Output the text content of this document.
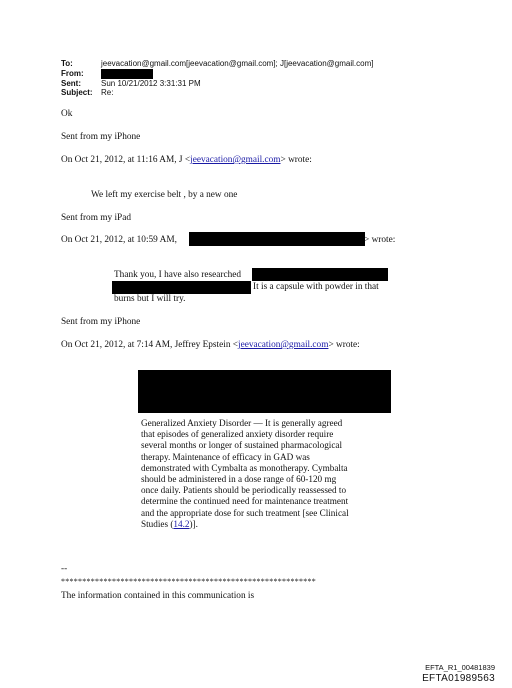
To:	jeevacation@gmail.com[jeevacation@gmail.com]; J[jeevacation@gmail.com]
From:
Sent:	Sun 10/21/2012 3:31:31 PM
Subject:	Re:
Ok
Sent from my iPhone
On Oct 21, 2012, at 11:16 AM, J <jeevacation@gmail.com> wrote:
We left my exercise belt , by a new one
Sent from my iPad
On Oct 21, 2012, at 10:59 AM,	> wrote:
Thank you, I have also researched
It is a capsule with powder in that
burns but I will try.
Sent from my iPhone
On Oct 21, 2012, at 7:14 AM, Jeffrey Epstein <jeevacation@gmail.com> wrote:
Generalized Anxiety Disorder — It is generally agreed
that episodes of generalized anxiety disorder require
several months or longer of sustained pharmacological
therapy. Maintenance of efficacy in GAD was
demonstrated with Cymbalta as monotherapy. Cymbalta
should be administered in a dose range of 60-120 mg
once daily. Patients should be periodically reassessed to
determine the continued need for maintenance treatment
and the appropriate dose for such treatment [see Clinical
Studies (14.2)].
--
************************************************************
The information contained in this communication is
EFTA_R1_00481839
EFTA01989563
